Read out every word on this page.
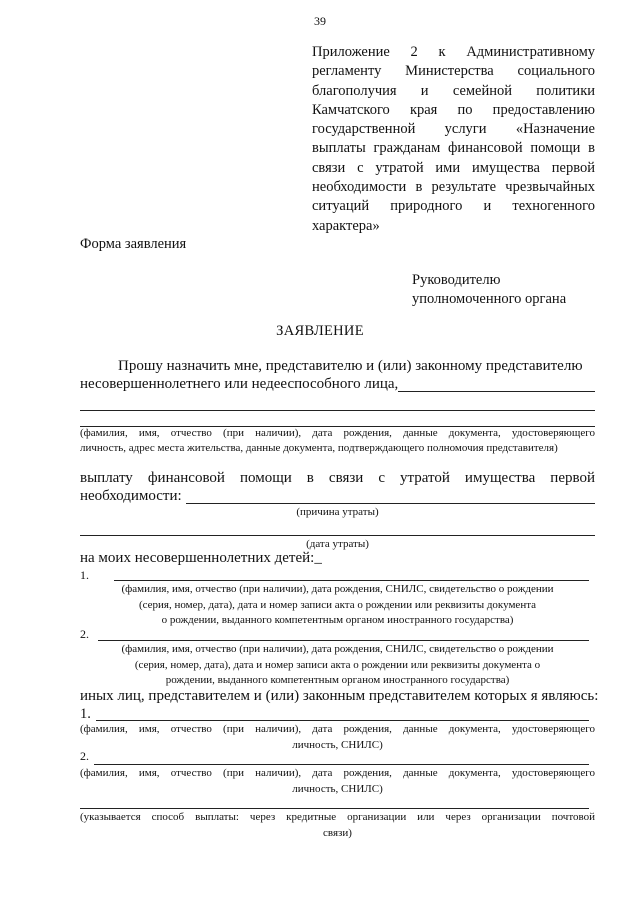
39
Приложение 2 к Административному
регламенту Министерства социального
благополучия и семейной политики
Камчатского края по предоставлению
государственной услуги «Назначение
выплаты гражданам финансовой помощи в
связи с утратой ими имущества первой
необходимости в результате чрезвычайных
ситуаций природного и техногенного
характера»
Форма заявления
Руководителю
уполномоченного органа
ЗАЯВЛЕНИЕ
Прошу назначить мне, представителю и (или) законному представителю
несовершеннолетнего или недееспособного лица,
(фамилия, имя, отчество (при наличии), дата рождения, данные документа, удостоверяющего
личность, адрес места жительства, данные документа, подтверждающего полномочия представителя)
выплату финансовой помощи в связи с утратой имущества первой
необходимости:
(причина утраты)
(дата утраты)
на моих несовершеннолетних детей:_
1.
(фамилия, имя, отчество (при наличии), дата рождения, СНИЛС, свидетельство о рождении
(серия, номер, дата), дата и номер записи акта о рождении или реквизиты документа
о рождении, выданного компетентным органом иностранного государства)
2.
(фамилия, имя, отчество (при наличии), дата рождения, СНИЛС, свидетельство о рождении
(серия, номер, дата), дата и номер записи акта о рождении или реквизиты документа о
рождении, выданного компетентным органом иностранного государства)
иных лиц, представителем и (или) законным представителем которых я являюсь:
1.
(фамилия, имя, отчество (при наличии), дата рождения, данные документа, удостоверяющего
личность, СНИЛС)
2.
(фамилия, имя, отчество (при наличии), дата рождения, данные документа, удостоверяющего
личность, СНИЛС)
(указывается способ выплаты: через кредитные организации или через организации почтовой
связи)
